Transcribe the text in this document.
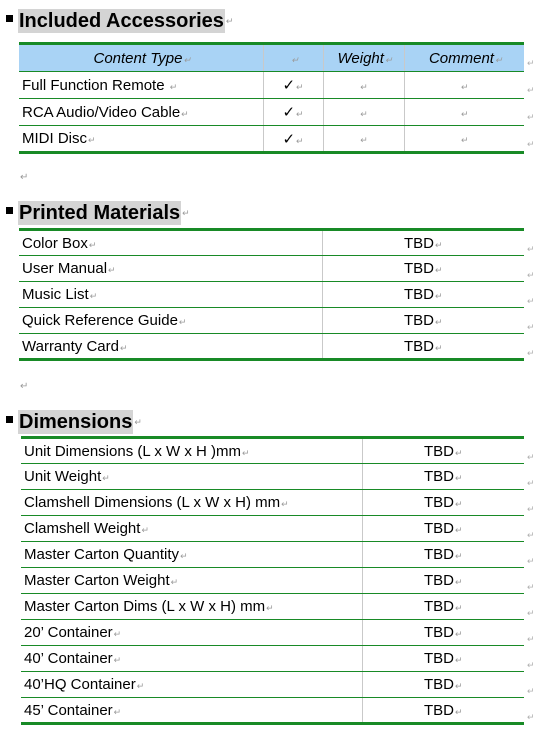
Included Accessories ↵
Content Type↵	↵	Weight↵	Comment↵
Full Function Remote ↵	✓↵	↵	↵
RCA Audio/Video Cable↵	✓↵	↵	↵
MIDI Disc↵	✓↵	↵	↵
↵
Printed Materials ↵
Color Box↵	TBD↵
User Manual↵	TBD↵
Music List↵	TBD↵
Quick Reference Guide↵	TBD↵
Warranty Card↵	TBD↵
↵
Dimensions ↵
Unit Dimensions (L x W x H )mm↵	TBD↵
Unit Weight↵	TBD↵
Clamshell Dimensions (L x W x H) mm↵	TBD↵
Clamshell Weight↵	TBD↵
Master Carton Quantity↵	TBD↵
Master Carton Weight↵	TBD↵
Master Carton Dims (L x W x H) mm↵	TBD↵
20’ Container↵	TBD↵
40’ Container↵	TBD↵
40’HQ Container↵	TBD↵
45’ Container↵	TBD↵
↵
↵
↵
↵
↵
↵
↵
↵
↵
↵
↵
↵
↵
↵
↵
↵
↵
↵
↵
↵
